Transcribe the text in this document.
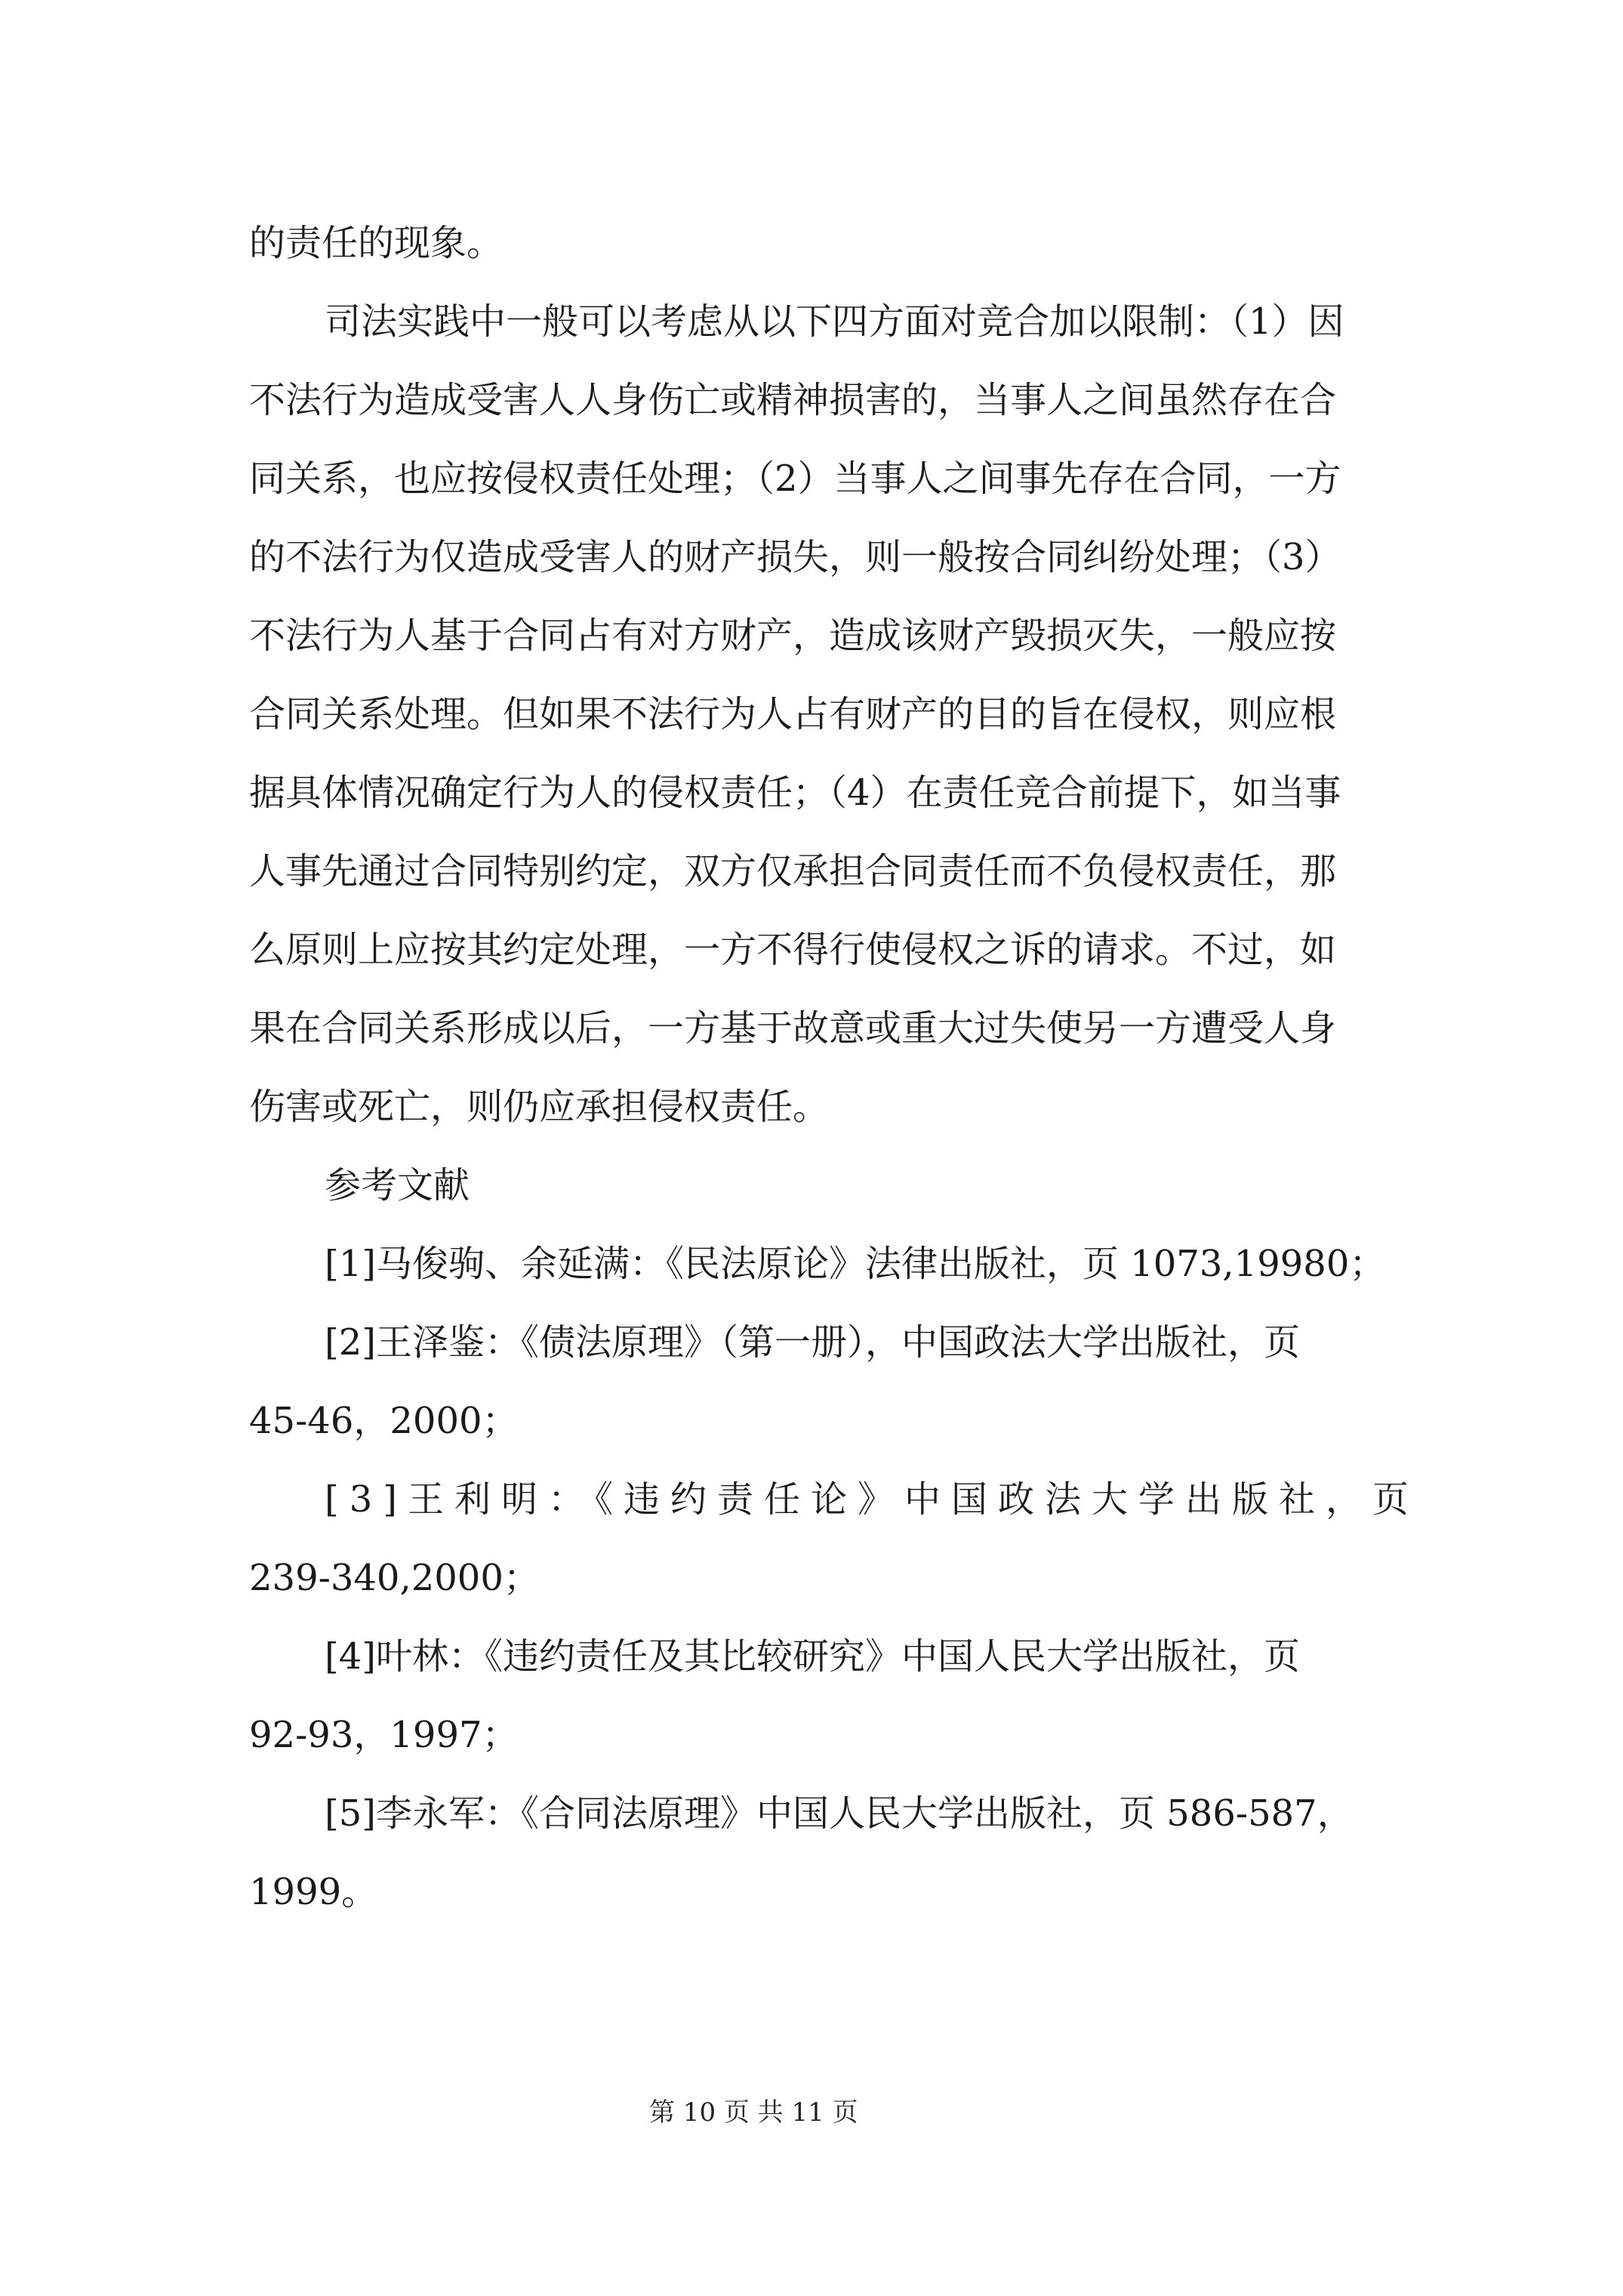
的责任的现象。
司法实践中一般可以考虑从以下四方面对竞合加以限制：（1）因
不法行为造成受害人人身伤亡或精神损害的，当事人之间虽然存在合
同关系，也应按侵权责任处理；（2）当事人之间事先存在合同，一方
的不法行为仅造成受害人的财产损失，则一般按合同纠纷处理；（3）
不法行为人基于合同占有对方财产，造成该财产毁损灭失，一般应按
合同关系处理。但如果不法行为人占有财产的目的旨在侵权，则应根
据具体情况确定行为人的侵权责任；（4）在责任竞合前提下，如当事
人事先通过合同特别约定，双方仅承担合同责任而不负侵权责任，那
么原则上应按其约定处理，一方不得行使侵权之诉的请求。不过，如
果在合同关系形成以后，一方基于故意或重大过失使另一方遭受人身
伤害或死亡，则仍应承担侵权责任。
参考文献
[1]马俊驹、余延满：《民法原论》法律出版社，页 1073,19980；
[2]王泽鉴：《债法原理》（第一册），中国政法大学出版社，页
45-46，2000；
[3]王利明：《违约责任论》中国政法大学出版社，页
239-340,2000；
[4]叶林：《违约责任及其比较研究》中国人民大学出版社，页
92-93，1997；
[5]李永军：《合同法原理》中国人民大学出版社，页 586-587，
1999。
第 10 页 共 11 页
